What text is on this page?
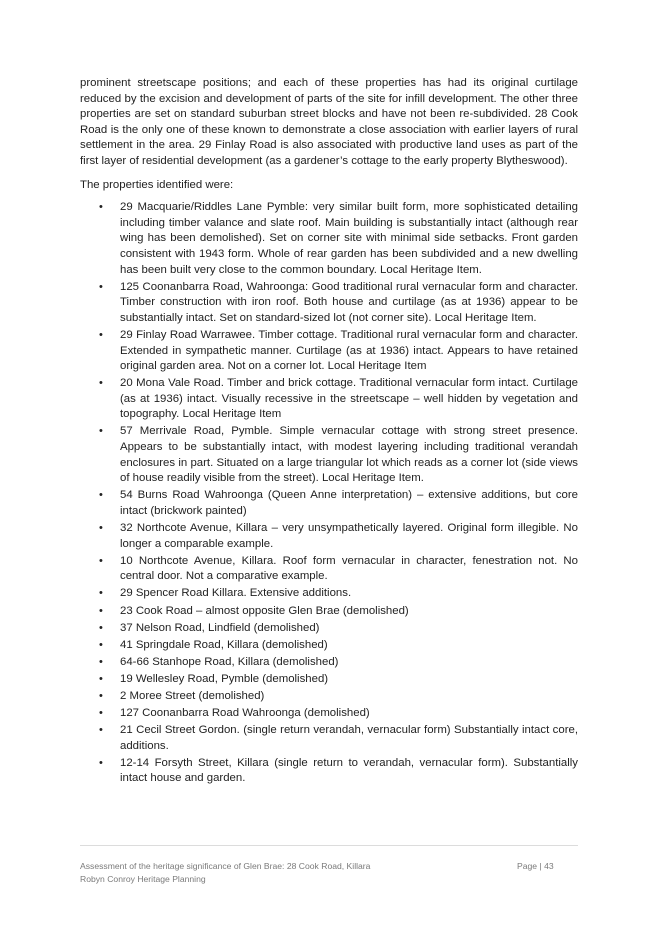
prominent streetscape positions; and each of these properties has had its original curtilage reduced by the excision and development of parts of the site for infill development. The other three properties are set on standard suburban street blocks and have not been re-subdivided. 28 Cook Road is the only one of these known to demonstrate a close association with earlier layers of rural settlement in the area. 29 Finlay Road is also associated with productive land uses as part of the first layer of residential development (as a gardener’s cottage to the early property Blytheswood).

The properties identified were:

• 29 Macquarie/Riddles Lane Pymble: very similar built form, more sophisticated detailing including timber valance and slate roof. Main building is substantially intact (although rear wing has been demolished). Set on corner site with minimal side setbacks. Front garden consistent with 1943 form. Whole of rear garden has been subdivided and a new dwelling has been built very close to the common boundary. Local Heritage Item.
• 125 Coonanbarra Road, Wahroonga: Good traditional rural vernacular form and character. Timber construction with iron roof. Both house and curtilage (as at 1936) appear to be substantially intact. Set on standard-sized lot (not corner site). Local Heritage Item.
• 29 Finlay Road Warrawee. Timber cottage. Traditional rural vernacular form and character. Extended in sympathetic manner. Curtilage (as at 1936) intact. Appears to have retained original garden area. Not on a corner lot. Local Heritage Item
• 20 Mona Vale Road. Timber and brick cottage. Traditional vernacular form intact. Curtilage (as at 1936) intact. Visually recessive in the streetscape – well hidden by vegetation and topography. Local Heritage Item
• 57 Merrivale Road, Pymble. Simple vernacular cottage with strong street presence. Appears to be substantially intact, with modest layering including traditional verandah enclosures in part. Situated on a large triangular lot which reads as a corner lot (side views of house readily visible from the street). Local Heritage Item.
• 54 Burns Road Wahroonga (Queen Anne interpretation) – extensive additions, but core intact (brickwork painted)
• 32 Northcote Avenue, Killara – very unsympathetically layered. Original form illegible. No longer a comparable example.
• 10 Northcote Avenue, Killara. Roof form vernacular in character, fenestration not. No central door. Not a comparative example.
• 29 Spencer Road Killara. Extensive additions.
• 23 Cook Road – almost opposite Glen Brae (demolished)
• 37 Nelson Road, Lindfield (demolished)
• 41 Springdale Road, Killara (demolished)
• 64-66 Stanhope Road, Killara (demolished)
• 19 Wellesley Road, Pymble (demolished)
• 2 Moree Street (demolished)
• 127 Coonanbarra Road Wahroonga (demolished)
• 21 Cecil Street Gordon. (single return verandah, vernacular form) Substantially intact core, additions.
• 12-14 Forsyth Street, Killara (single return to verandah, vernacular form). Substantially intact house and garden.
Assessment of the heritage significance of Glen Brae: 28 Cook Road, Killara
Robyn Conroy Heritage Planning
Page | 43
